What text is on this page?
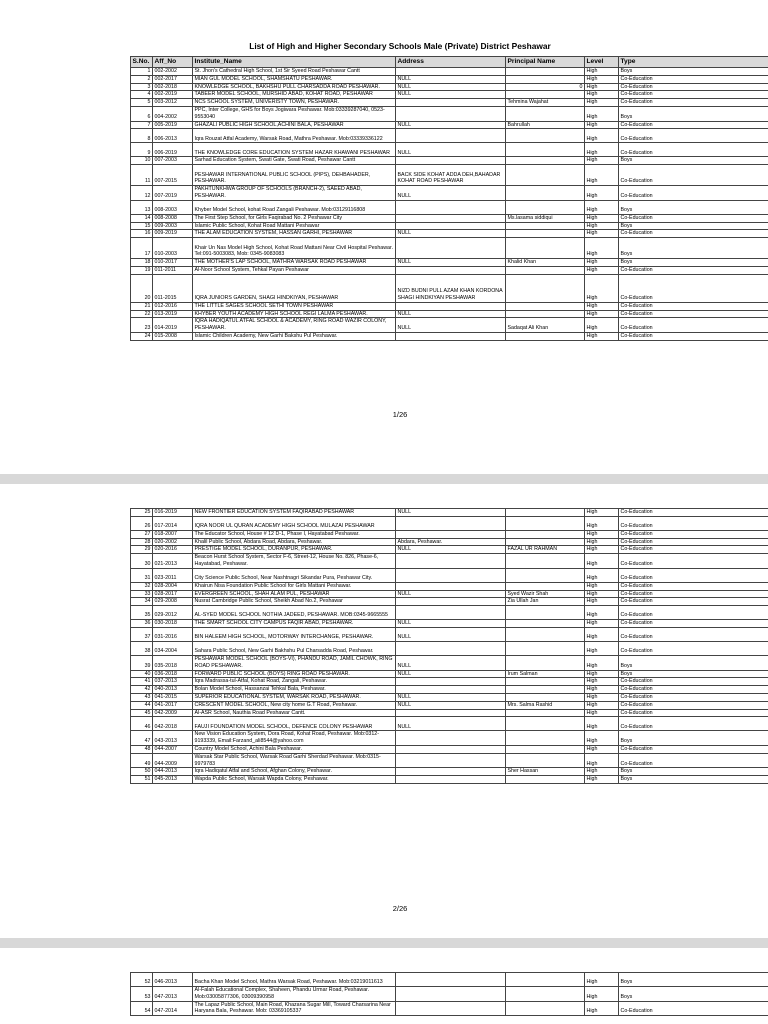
List of High and Higher Secondary Schools Male (Private) District Peshawar
S.No.	Aff_No	Institute_Name	Address	Principal Name	Level	Type
1	002-2002	St. Jhon's Cathedral High School, 1st Sir Syeed Road Peshawar Cantt			High	Boys
2	002-2017	MIAN GUL MODEL SCHOOL, SHAMSHATU PESHAWAR.	NULL		High	Co-Education
3	002-2018	KNOWLEDGE SCHOOL, BAKHSHU PULL CHARSADDA ROAD PESHAWAR.	NULL	0	High	Co-Education
4	002-2019	TABEER MODEL SCHOOL, MURSHID ABAD, KOHAT ROAD, PESHAWAR	NULL		High	Co-Education
5	003-2012	NCS SCHOOL SYSTEM, UNIVERISTY TOWN, PESHAWAR.		Tehmina Wajahat	High	Co-Education
6	004-2002	PPC, Inter College, GHS for Boys Jogiwara Peshawar. Mob:03339287040, 0523-9553040			High	Boys
7	005-2019	GHAZALI PUBLIC HIGH SCHOOL,ACHINI BALA, PESHAWAR	NULL	Bahrullah	High	Co-Education
8	006-2013	Iqra Rouzat Atfal Academy, Warsak Road, Mathra Peshawar. Mob:03339336122			High	Co-Education
9	006-2019	THE KNOWLEDGE CORE EDUCATION SYSTEM HAZAR KHAWANI PESHAWAR	NULL		High	Co-Education
10	007-2003	Sarhad Education System, Swati Gate, Swati Road, Peshawar Cantt			High	Boys
11	007-2015	PESHAWAR INTERNATIONAL PUBLIC SCHOOL (PIPS), DEHBAHADER, PESHAWAR.	BACK SIDE KOHAT ADDA DEH,BAHADAR KOHAT ROAD PESHAWAR		High	Co-Education
12	007-2019	PAKHTUNKHWA GROUP OF SCHOOLS (BRANCH-2), SAEED ABAD, PESHAWAR.	NULL		High	Co-Education
13	008-2003	Khyber Model School, kohat Road Zangali Peshawar. Mob:03129116808			High	Boys
14	008-2008	The First Step School, for Girls Faqirabad No. 2 Peshawar City		Ms.lasama siddiqui	High	Co-Education
15	009-2003	Islamic Public School, Kohat Road Mattani Peshawar			High	Boys
16	009-2019	THE ALAM EDUCATION SYSTEM, HASSAN GARHI, PESHAWAR	NULL		High	Co-Education
17	010-2003	Khair Un Nas Model High School, Kohat Road Mattani Near Civil Hospital Peshawar. Tel:091-5003083, Mob: 0345-9083083			High	Boys
18	010-2017	THE MOTHER'S LAP SCHOOL, MATHRA WARSAK ROAD PESHAWAR	NULL	Khalid Khan	High	Boys
19	011-2011	Al-Noor School System, Tehkal Payan Peshawar			High	Co-Education
20	011-2015	IQRA JUNIORS GARDEN, SHAGI HINDKIYAN, PESHAWAR	NIZD BUDNI PULL AZAM KHAN KORDONA SHAGI HINDKIYAN PESHAWAR		High	Co-Education
21	012-2016	THE LITTLE SAGES SCHOOL SETHI TOWN PESHAWAR			High	Co-Education
22	013-2019	KHYBER YOUTH ACADEMY HIGH SCHOOL REGI LALMA PESHAWAR.	NULL		High	Co-Education
23	014-2019	IQRA HADIQATUL ATFAL SCHOOL & ACADEMY, RING ROAD WAZIR COLONY, PESHAWAR.	NULL	Sadaqat Ali Khan	High	Co-Education
24	015-2008	Islamic Children Academy, New Garhi Bakshu Pul Peshawar.			High	Co-Education
1/26
25	016-2019	NEW FRONTIER EDUCATION SYSTEM FAQIRABAD PESHAWAR	NULL		High	Co-Education
26	017-2014	IQRA NOOR UL QURAN ACADEMY HIGH SCHOOL MULAZAI PESHAWAR			High	Co-Education
27	018-2007	The Educator School, House # 12 D-1, Phase I, Hayatabad Peshawar.			High	Co-Education
28	020-2002	Khalil Public School, Abdara Road, Abdara, Peshawar.	Abdara, Peshawar.		High	Co-Education
29	020-2016	PRESTIGE MODEL SCHOOL, DURANPUR, PESHAWAR.	NULL	FAZAL UR RAHMAN	High	Co-Education
30	021-2013	Beacon Hurst School System, Sector F-6, Street-12, House No. 826, Phase-6, Hayatabad, Peshawar.			High	Co-Education
31	023-2011	City Science Public School, Near Nashtnagri Sikandar Pura, Peshawar City.			High	Co-Education
32	028-2004	Khairun Nisa Foundation Public School for Girls Mattani Peshawar.			High	Co-Education
33	028-2017	EVERGREEN SCHOOL, SHAH ALAM PUL, PESHAWAR	NULL	Syed Wazir Shah	High	Co-Education
34	029-2008	Nusrat Cambridge Public School, Sheikh Abad No.2, Peshawar		Zia Ullah Jan	High	Co-Education
35	029-2012	AL-SYED MODEL SCHOOL NOTHIA JADEED, PESHAWAR. MOB:0345-9665555			High	Co-Education
36	030-2018	THE SMART SCHOOL CITY CAMPUS FAQIR ABAD, PESHAWAR.	NULL		High	Co-Education
37	031-2016	BIN HALEEM HIGH SCHOOL, MOTORWAY INTERCHANGE, PESHAWAR.	NULL		High	Co-Education
38	034-2004	Sahara Public School, New Garhi Bakhshu Pul Charsadda Road, Peshawar.			High	Co-Education
39	035-2018	PESHAWAR MODEL SCHOOL (BOYS-VI), PHANDU ROAD, JAMIL CHOWK, RING ROAD PESHAWAR.	NULL		High	Boys
40	036-2018	FORWARD PUBLIC SCHOOL (BOYS) RING ROAD PESHAWAR.	NULL	Irum Salman	High	Boys
41	037-2013	Iqra Madrassa-tul-Atfal, Kohat Road, Zangali, Peshawar.			High	Co-Education
42	040-2013	Bolan Model School, Hassanzai Tehkal Bala, Peshawar.			High	Co-Education
43	041-2015	SUPERIOR EDUCATIONAL SYSTEM, WARSAK ROAD, PESHAWAR.	NULL		High	Co-Education
44	041-2017	CRESCENT MODEL SCHOOL, New city home G.T Road, Peshawar.	NULL	Mrs. Salma Rashid	High	Co-Education
45	042-2009	Al-ASR School, Nauthia Road Peshawar Cantt.			High	Co-Education
46	042-2018	FAUJI FOUNDATION MODEL SCHOOL, DEFENCE COLONY PESHAWAR	NULL		High	Co-Education
47	043-2013	New Vision Education System, Dora Road, Kohat Road, Peshawar. Mob:0312-9193339, Email:Farzand_ali8544@yahoo.com			High	Boys
48	044-2007	Country Model School, Achini Bala Peshawar.			High	Co-Education
49	044-2009	Warsak Star Public School, Warsak Road Garhi Sherdad Peshawar. Mob:0315-9979783			High	Co-Education
50	044-2013	Iqra Hadiqatul Atfal and School, Afghan Colony, Peshawar.		Sher Hassan	High	Boys
51	045-2013	Wapda Public School, Warsak Wapda Colony, Peshawar.			High	Boys
2/26
52	046-2013	Bacha Khan Model School, Mathra Warsak Road, Peshawar. Mob:03219011613			High	Boys
53	047-2013	Al-Falah Educational Complex, Shaheen, Phandu Urmar Road, Peshawar. Mob:03005877306, 03009390958			High	Boys
54	047-2014	The Lapaz Public School, Main Road, Khazana Sugar Mill, Toward Charsarina Near Haryana Bala, Peshawar. Mob: 03369105337			High	Co-Education
